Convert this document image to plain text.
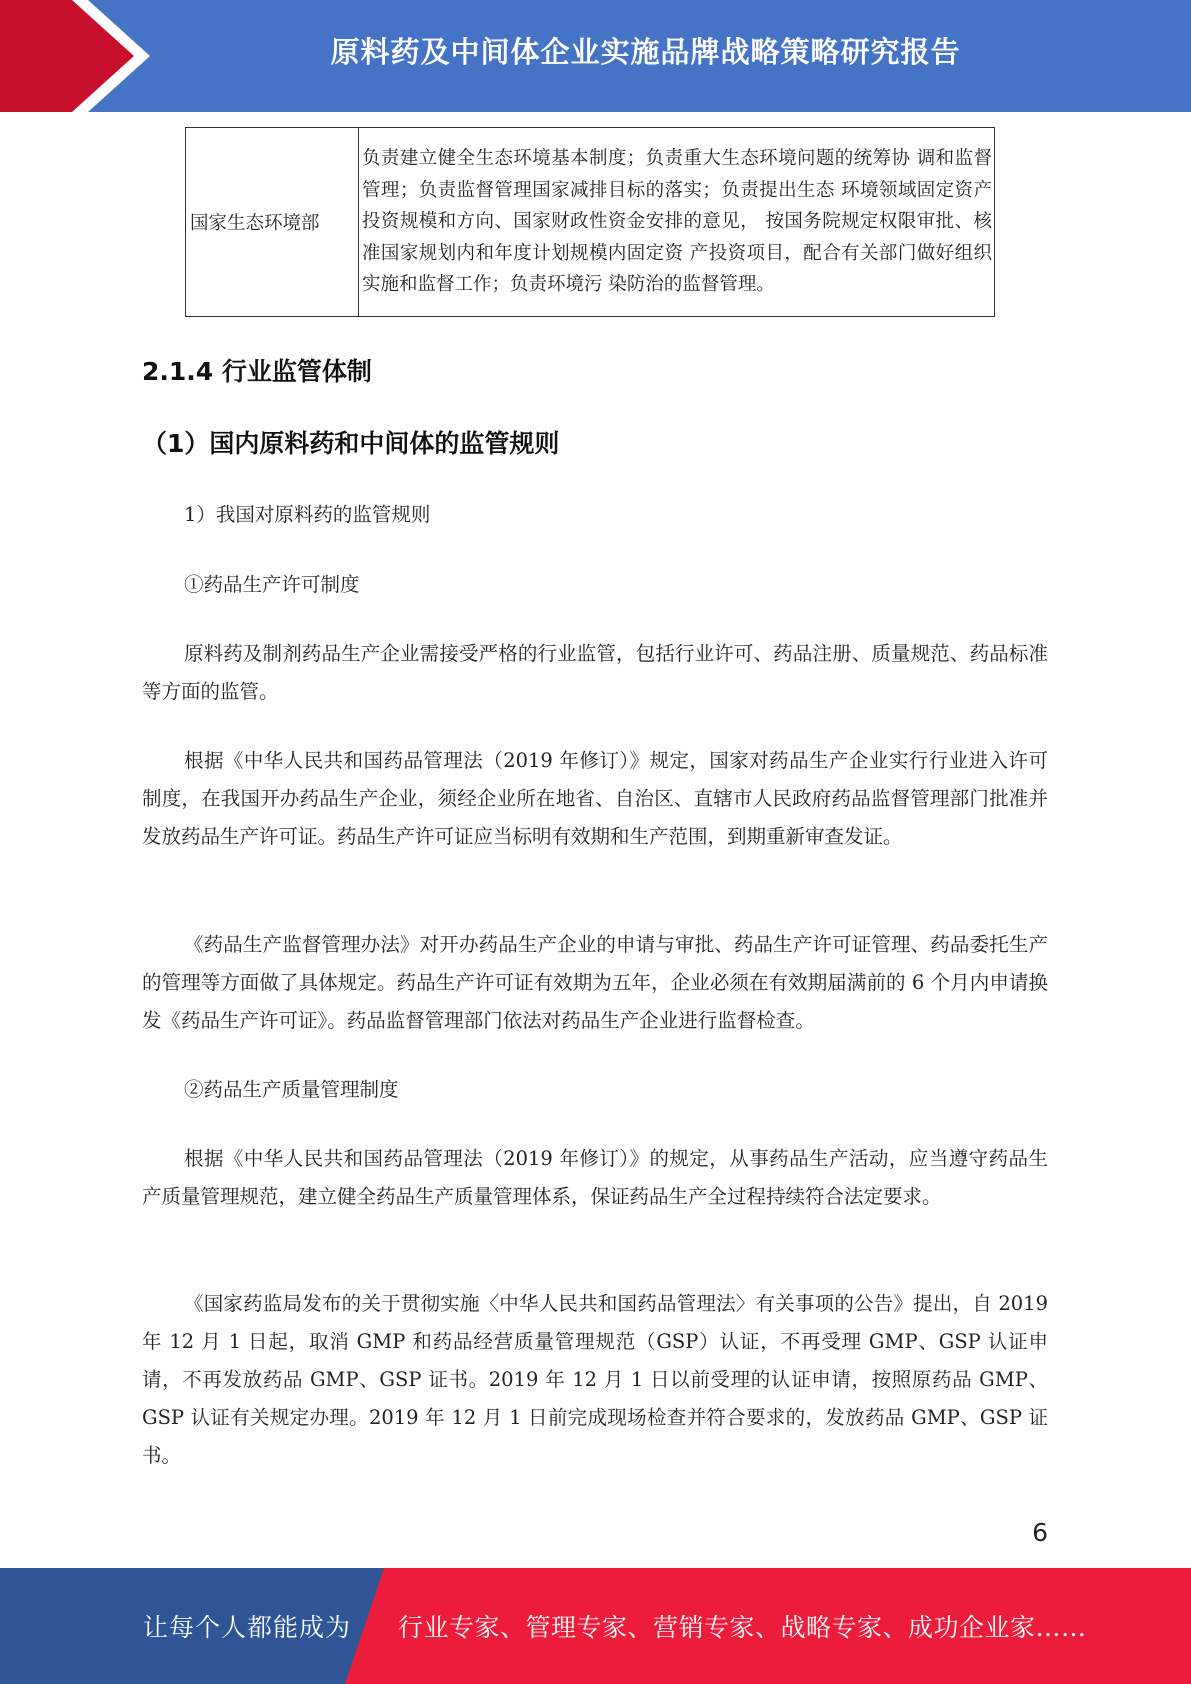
原料药及中间体企业实施品牌战略策略研究报告
国家生态环境部	负责建立健全生态环境基本制度；负责重大生态环境问题的统筹协 调和监督管理；负责监督管理国家减排目标的落实；负责提出生态 环境领域固定资产投资规模和方向、国家财政性资金安排的意见， 按国务院规定权限审批、核准国家规划内和年度计划规模内固定资 产投资项目，配合有关部门做好组织实施和监督工作；负责环境污 染防治的监督管理。
2.1.4 行业监管体制
（1）国内原料药和中间体的监管规则

1）我国对原料药的监管规则

①药品生产许可制度

原料药及制剂药品生产企业需接受严格的行业监管，包括行业许可、药品注册、质量规范、药品标准等方面的监管。

根据《中华人民共和国药品管理法（2019 年修订）》规定，国家对药品生产企业实行行业进入许可制度，在我国开办药品生产企业，须经企业所在地省、自治区、直辖市人民政府药品监督管理部门批准并发放药品生产许可证。药品生产许可证应当标明有效期和生产范围，到期重新审查发证。

《药品生产监督管理办法》对开办药品生产企业的申请与审批、药品生产许可证管理、药品委托生产的管理等方面做了具体规定。药品生产许可证有效期为五年，企业必须在有效期届满前的 6 个月内申请换发《药品生产许可证》。药品监督管理部门依法对药品生产企业进行监督检查。

②药品生产质量管理制度

根据《中华人民共和国药品管理法（2019 年修订）》的规定，从事药品生产活动，应当遵守药品生产质量管理规范，建立健全药品生产质量管理体系，保证药品生产全过程持续符合法定要求。

《国家药监局发布的关于贯彻实施〈中华人民共和国药品管理法〉有关事项的公告》提出，自 2019 年 12 月 1 日起，取消 GMP 和药品经营质量管理规范（GSP）认证，不再受理 GMP、GSP 认证申请，不再发放药品 GMP、GSP 证书。2019 年 12 月 1 日以前受理的认证申请，按照原药品 GMP、GSP 认证有关规定办理。2019 年 12 月 1 日前完成现场检查并符合要求的，发放药品 GMP、GSP 证书。

6
让每个人都能成为 行业专家、管理专家、营销专家、战略专家、成功企业家……
